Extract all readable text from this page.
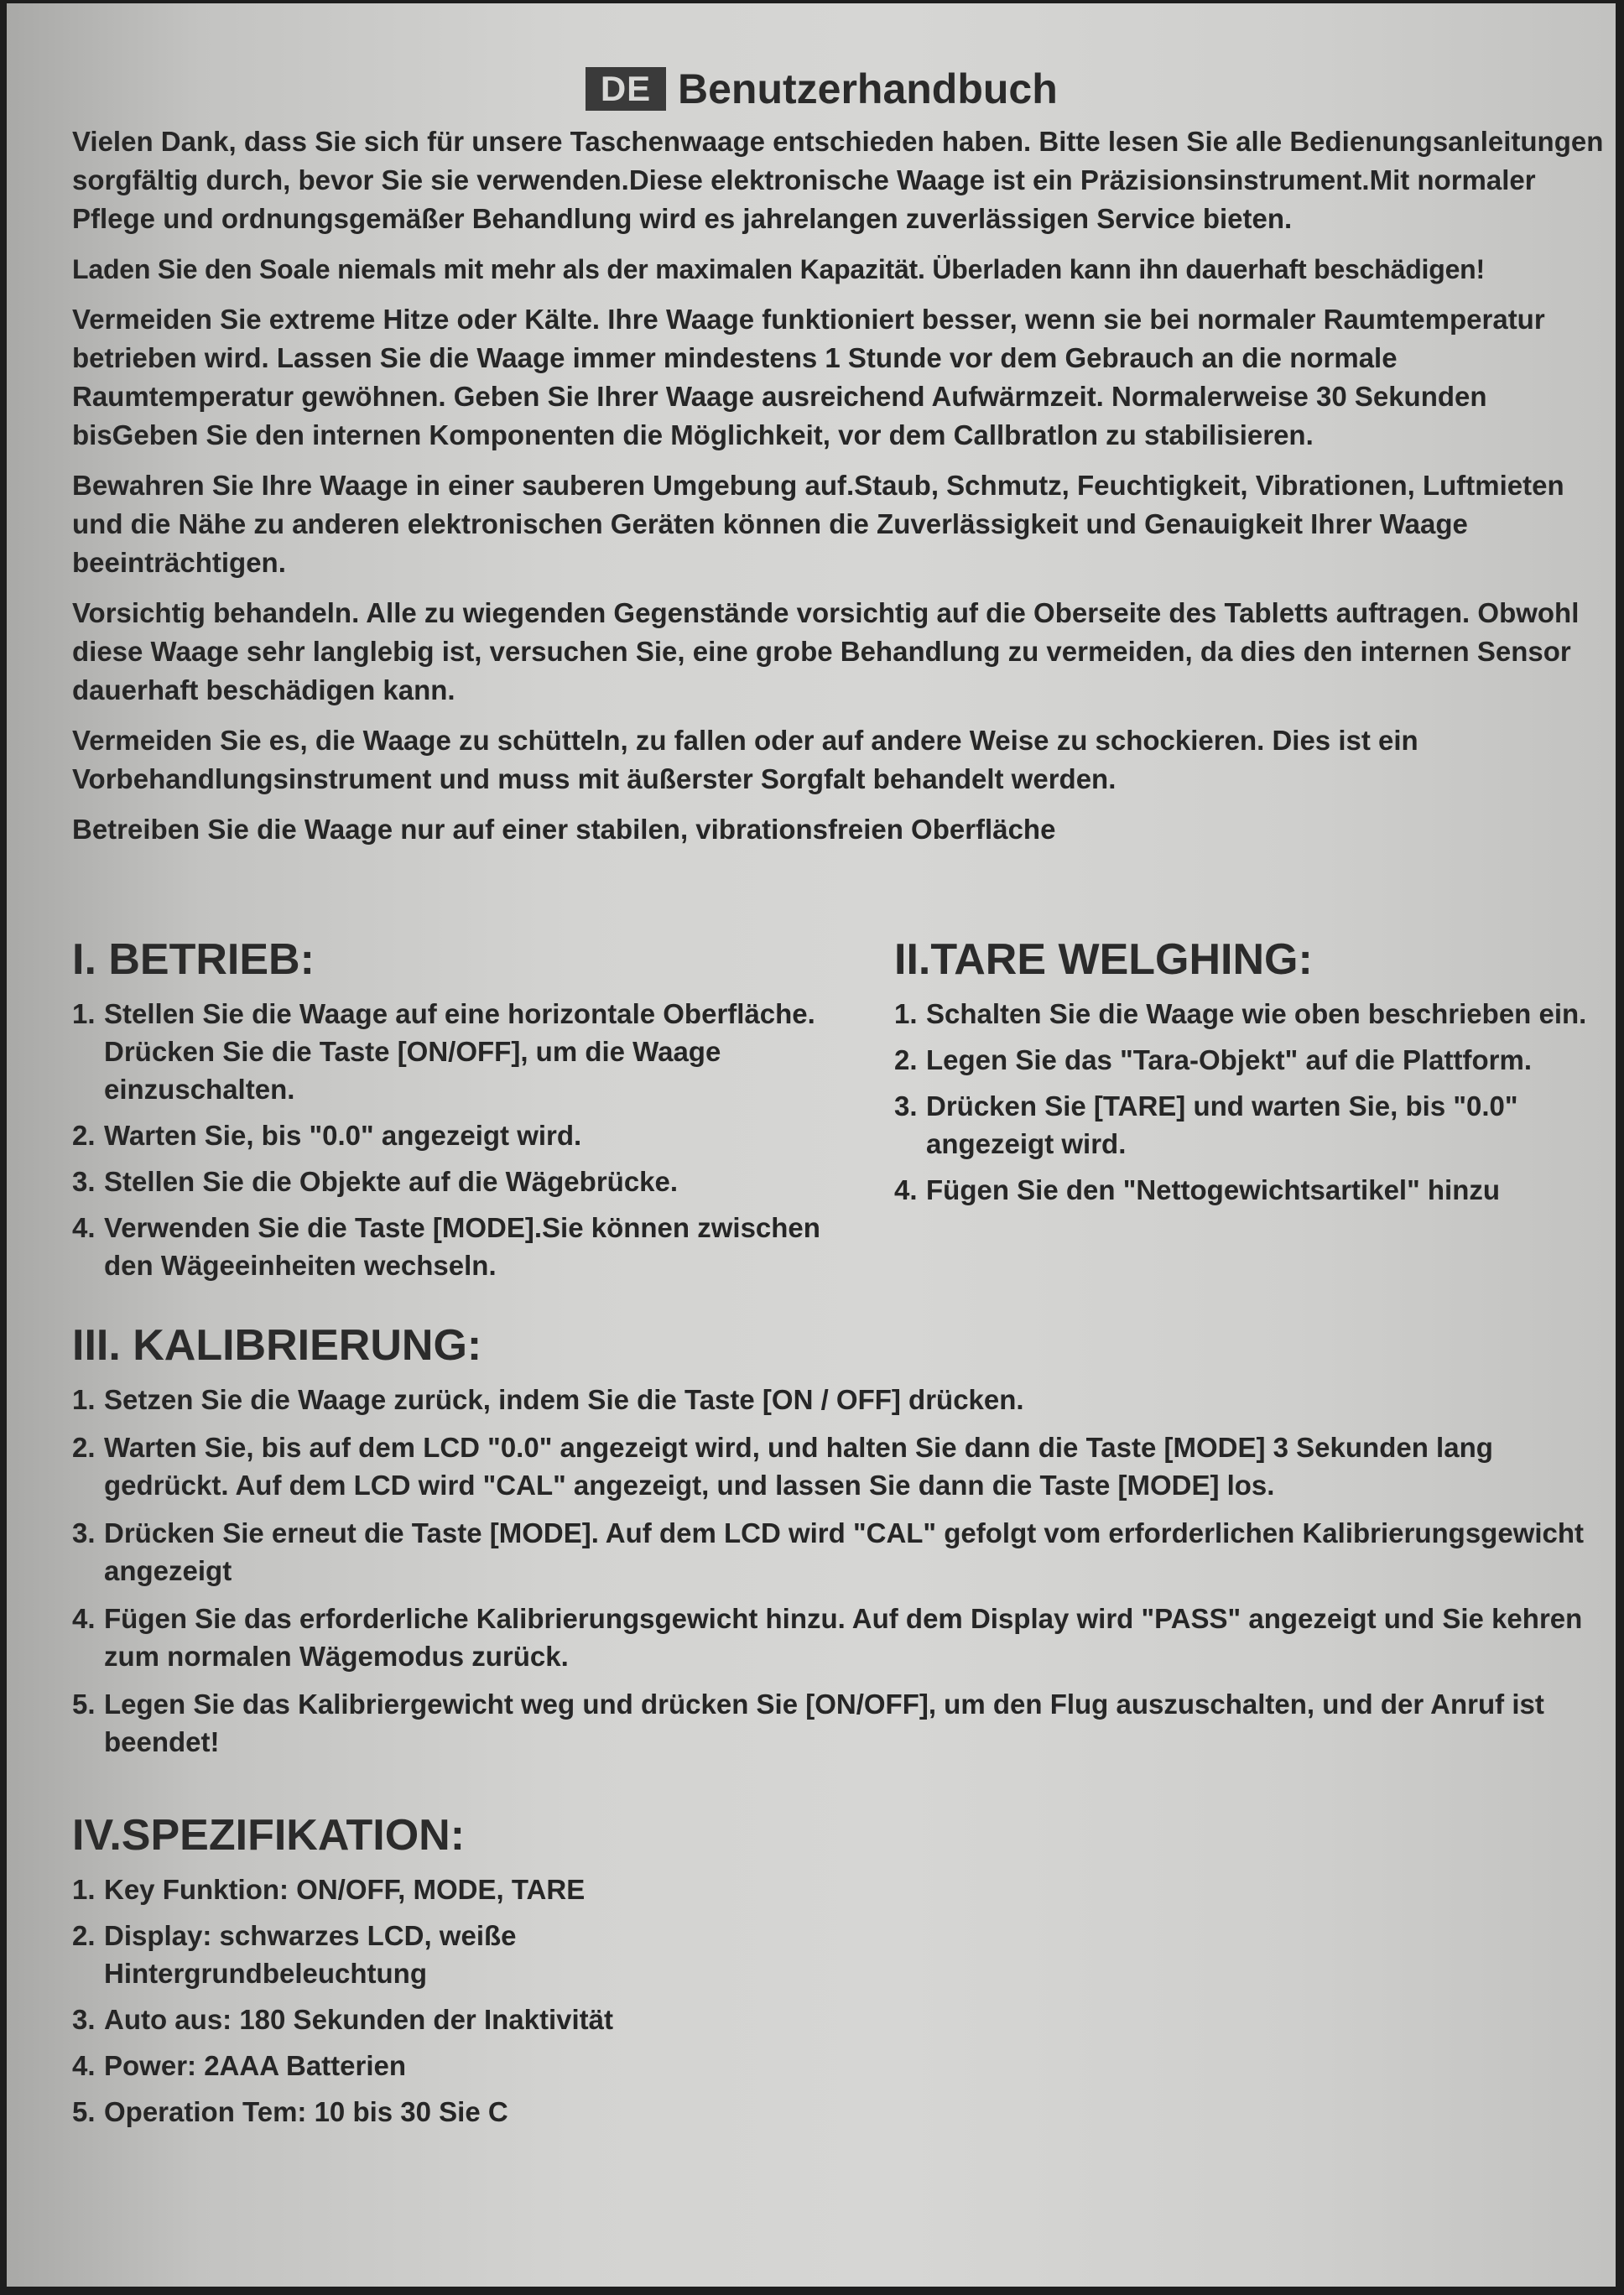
DE Benutzerhandbuch

Vielen Dank, dass Sie sich für unsere Taschenwaage entschieden haben. Bitte lesen Sie alle Bedienungsanleitungen sorgfältig durch, bevor Sie sie verwenden.Diese elektronische Waage ist ein Präzisionsinstrument.Mit normaler Pflege und ordnungsgemäßer Behandlung wird es jahrelangen zuverlässigen Service bieten.

Laden Sie den Soale niemals mit mehr als der maximalen Kapazität. Überladen kann ihn dauerhaft beschädigen!

Vermeiden Sie extreme Hitze oder Kälte. Ihre Waage funktioniert besser, wenn sie bei normaler Raumtemperatur betrieben wird. Lassen Sie die Waage immer mindestens 1 Stunde vor dem Gebrauch an die normale Raumtemperatur gewöhnen. Geben Sie Ihrer Waage ausreichend Aufwärmzeit. Normalerweise 30 Sekunden bisGeben Sie den internen Komponenten die Möglichkeit, vor dem Callbratlon zu stabilisieren.

Bewahren Sie Ihre Waage in einer sauberen Umgebung auf.Staub, Schmutz, Feuchtigkeit, Vibrationen, Luftmieten und die Nähe zu anderen elektronischen Geräten können die Zuverlässigkeit und Genauigkeit Ihrer Waage beeinträchtigen.

Vorsichtig behandeln. Alle zu wiegenden Gegenstände vorsichtig auf die Oberseite des Tabletts auftragen. Obwohl diese Waage sehr langlebig ist, versuchen Sie, eine grobe Behandlung zu vermeiden, da dies den internen Sensor dauerhaft beschädigen kann.

Vermeiden Sie es, die Waage zu schütteln, zu fallen oder auf andere Weise zu schockieren. Dies ist ein Vorbehandlungsinstrument und muss mit äußerster Sorgfalt behandelt werden.

Betreiben Sie die Waage nur auf einer stabilen, vibrationsfreien Oberfläche

I. BETRIEB:
1. Stellen Sie die Waage auf eine horizontale Oberfläche. Drücken Sie die Taste [ON/OFF], um die Waage einzuschalten.
2. Warten Sie, bis "0.0" angezeigt wird.
3. Stellen Sie die Objekte auf die Wägebrücke.
4. Verwenden Sie die Taste [MODE].Sie können zwischen den Wägeeinheiten wechseln.
II.TARE WELGHING:
1. Schalten Sie die Waage wie oben beschrieben ein.
2. Legen Sie das "Tara-Objekt" auf die Plattform.
3. Drücken Sie [TARE] und warten Sie, bis "0.0" angezeigt wird.
4. Fügen Sie den "Nettogewichtsartikel" hinzu
III. KALIBRIERUNG:
1. Setzen Sie die Waage zurück, indem Sie die Taste [ON / OFF] drücken.
2. Warten Sie, bis auf dem LCD "0.0" angezeigt wird, und halten Sie dann die Taste [MODE] 3 Sekunden lang gedrückt. Auf dem LCD wird "CAL" angezeigt, und lassen Sie dann die Taste [MODE] los.
3. Drücken Sie erneut die Taste [MODE]. Auf dem LCD wird "CAL" gefolgt vom erforderlichen Kalibrierungsgewicht angezeigt
4. Fügen Sie das erforderliche Kalibrierungsgewicht hinzu. Auf dem Display wird "PASS" angezeigt und Sie kehren zum normalen Wägemodus zurück.
5. Legen Sie das Kalibriergewicht weg und drücken Sie [ON/OFF], um den Flug auszuschalten, und der Anruf ist beendet!
IV.SPEZIFIKATION:
1. Key Funktion: ON/OFF, MODE, TARE
2. Display: schwarzes LCD, weiße Hintergrundbeleuchtung
3. Auto aus: 180 Sekunden der Inaktivität
4. Power: 2AAA Batterien
5. Operation Tem: 10 bis 30 Sie C
